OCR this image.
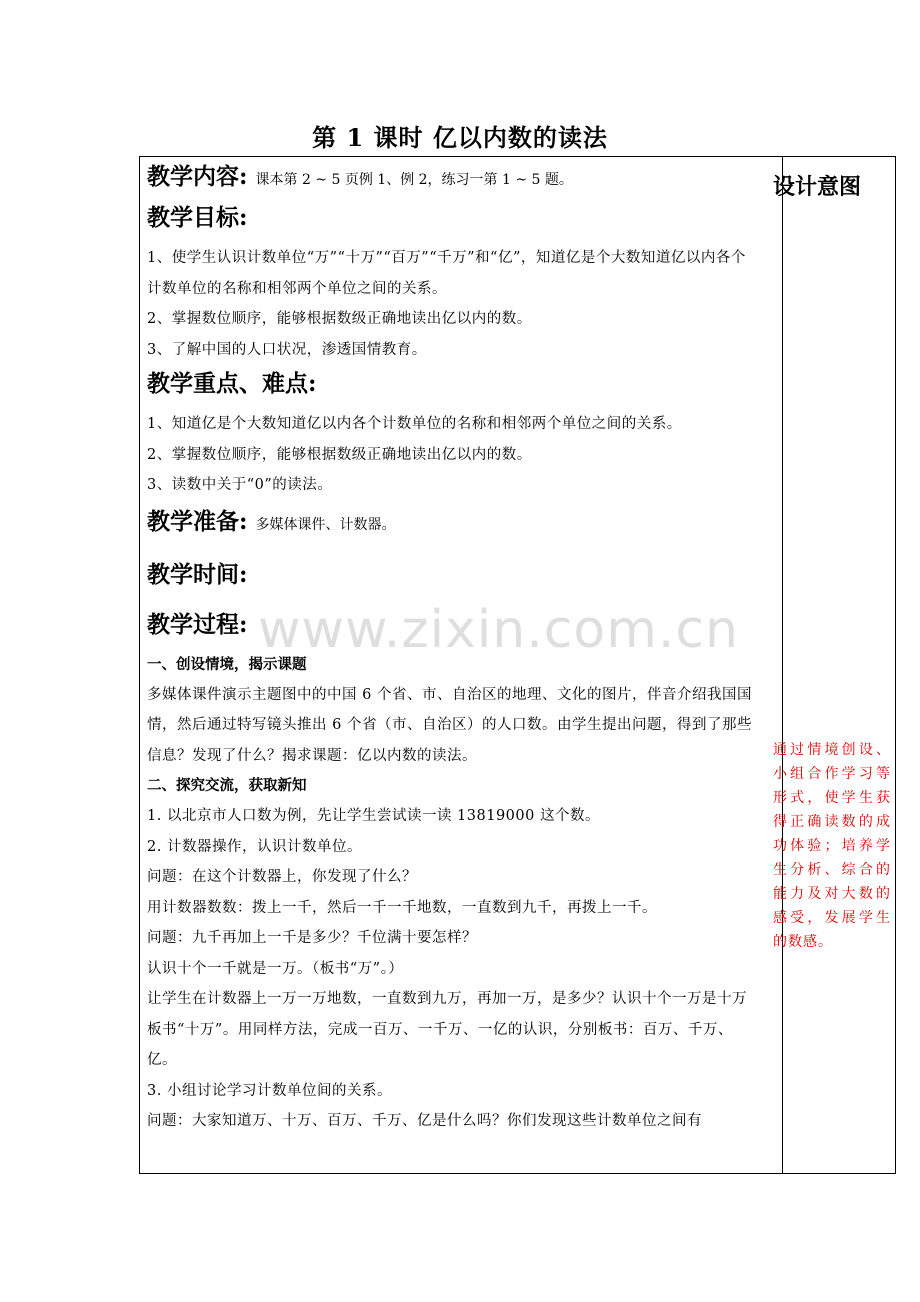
第 1 课时 亿以内数的读法
设计意图
通过情境创设、小组合作学习等形式，使学生获得正确读数的成功体验；培养学生分析、综合的能力及对大数的感受，发展学生的数感。
www.zixin.com.cn
教学内容: 课本第 2 ~ 5 页例 1、例 2，练习一第 1 ~ 5 题。
教学目标:
1、使学生认识计数单位“万”“十万”“百万”“千万”和“亿”，知道亿是个大数知道亿以内各个计数单位的名称和相邻两个单位之间的关系。
2、掌握数位顺序，能够根据数级正确地读出亿以内的数。
3、了解中国的人口状况，渗透国情教育。
教学重点、难点:
1、知道亿是个大数知道亿以内各个计数单位的名称和相邻两个单位之间的关系。
2、掌握数位顺序，能够根据数级正确地读出亿以内的数。
3、读数中关于“0”的读法。
教学准备: 多媒体课件、计数器。
教学时间:
教学过程:
一、创设情境，揭示课题
多媒体课件演示主题图中的中国 6 个省、市、自治区的地理、文化的图片，伴音介绍我国国情，然后通过特写镜头推出 6 个省（市、自治区）的人口数。由学生提出问题，得到了那些信息？发现了什么？揭求课题：亿以内数的读法。
二、探究交流，获取新知
1. 以北京市人口数为例，先让学生尝试读一读 13819000 这个数。
2. 计数器操作，认识计数单位。
问题：在这个计数器上，你发现了什么？
用计数器数数：拨上一千，然后一千一千地数，一直数到九千，再拨上一千。
问题：九千再加上一千是多少？千位满十要怎样？
认识十个一千就是一万。（板书“万”。）
让学生在计数器上一万一万地数，一直数到九万，再加一万，是多少？认识十个一万是十万
板书“十万”。用同样方法，完成一百万、一千万、一亿的认识，分别板书：百万、千万、亿。
3. 小组讨论学习计数单位间的关系。
问题：大家知道万、十万、百万、千万、亿是什么吗？你们发现这些计数单位之间有
